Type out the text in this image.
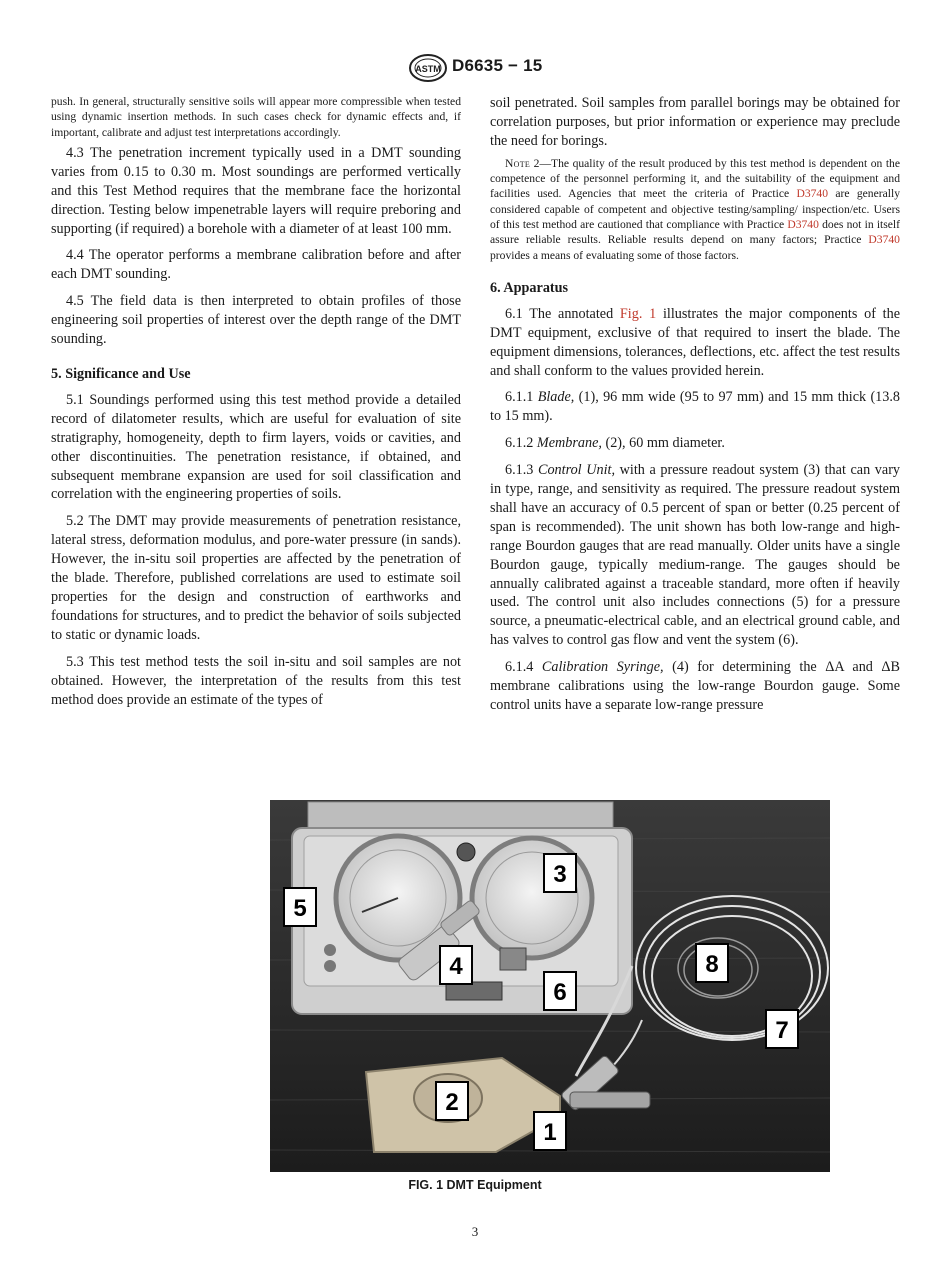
ASTM D6635 − 15

push. In general, structurally sensitive soils will appear more compressible when tested using dynamic insertion methods. In such cases check for dynamic effects and, if important, calibrate and adjust test interpretations accordingly.

4.3 The penetration increment typically used in a DMT sounding varies from 0.15 to 0.30 m. Most soundings are performed vertically and this Test Method requires that the membrane face the horizontal direction. Testing below impenetrable layers will require preboring and supporting (if required) a borehole with a diameter of at least 100 mm.

4.4 The operator performs a membrane calibration before and after each DMT sounding.

4.5 The field data is then interpreted to obtain profiles of those engineering soil properties of interest over the depth range of the DMT sounding.

5. Significance and Use

5.1 Soundings performed using this test method provide a detailed record of dilatometer results, which are useful for evaluation of site stratigraphy, homogeneity, depth to firm layers, voids or cavities, and other discontinuities. The penetration resistance, if obtained, and subsequent membrane expansion are used for soil classification and correlation with the engineering properties of soils.

5.2 The DMT may provide measurements of penetration resistance, lateral stress, deformation modulus, and pore-water pressure (in sands). However, the in-situ soil properties are affected by the penetration of the blade. Therefore, published correlations are used to estimate soil properties for the design and construction of earthworks and foundations for structures, and to predict the behavior of soils subjected to static or dynamic loads.

5.3 This test method tests the soil in-situ and soil samples are not obtained. However, the interpretation of the results from this test method does provide an estimate of the types of

soil penetrated. Soil samples from parallel borings may be obtained for correlation purposes, but prior information or experience may preclude the need for borings.

Note 2—The quality of the result produced by this test method is dependent on the competence of the personnel performing it, and the suitability of the equipment and facilities used. Agencies that meet the criteria of Practice D3740 are generally considered capable of competent and objective testing/sampling/ inspection/etc. Users of this test method are cautioned that compliance with Practice D3740 does not in itself assure reliable results. Reliable results depend on many factors; Practice D3740 provides a means of evaluating some of those factors.

6. Apparatus

6.1 The annotated Fig. 1 illustrates the major components of the DMT equipment, exclusive of that required to insert the blade. The equipment dimensions, tolerances, deflections, etc. affect the test results and shall conform to the values provided herein.

6.1.1 Blade, (1), 96 mm wide (95 to 97 mm) and 15 mm thick (13.8 to 15 mm).

6.1.2 Membrane, (2), 60 mm diameter.

6.1.3 Control Unit, with a pressure readout system (3) that can vary in type, range, and sensitivity as required. The pressure readout system shall have an accuracy of 0.5 percent of span or better (0.25 percent of span is recommended). The unit shown has both low-range and high-range Bourdon gauges that are read manually. Older units have a single Bourdon gauge, typically medium-range. The gauges should be annually calibrated against a traceable standard, more often if heavily used. The control unit also includes connections (5) for a pressure source, a pneumatic-electrical cable, and an electrical ground cable, and has valves to control gas flow and vent the system (6).

6.1.4 Calibration Syringe, (4) for determining the ΔA and ΔB membrane calibrations using the low-range Bourdon gauge. Some control units have a separate low-range pressure

1
2
3
4
5
6
7
8
FIG. 1 DMT Equipment
3
